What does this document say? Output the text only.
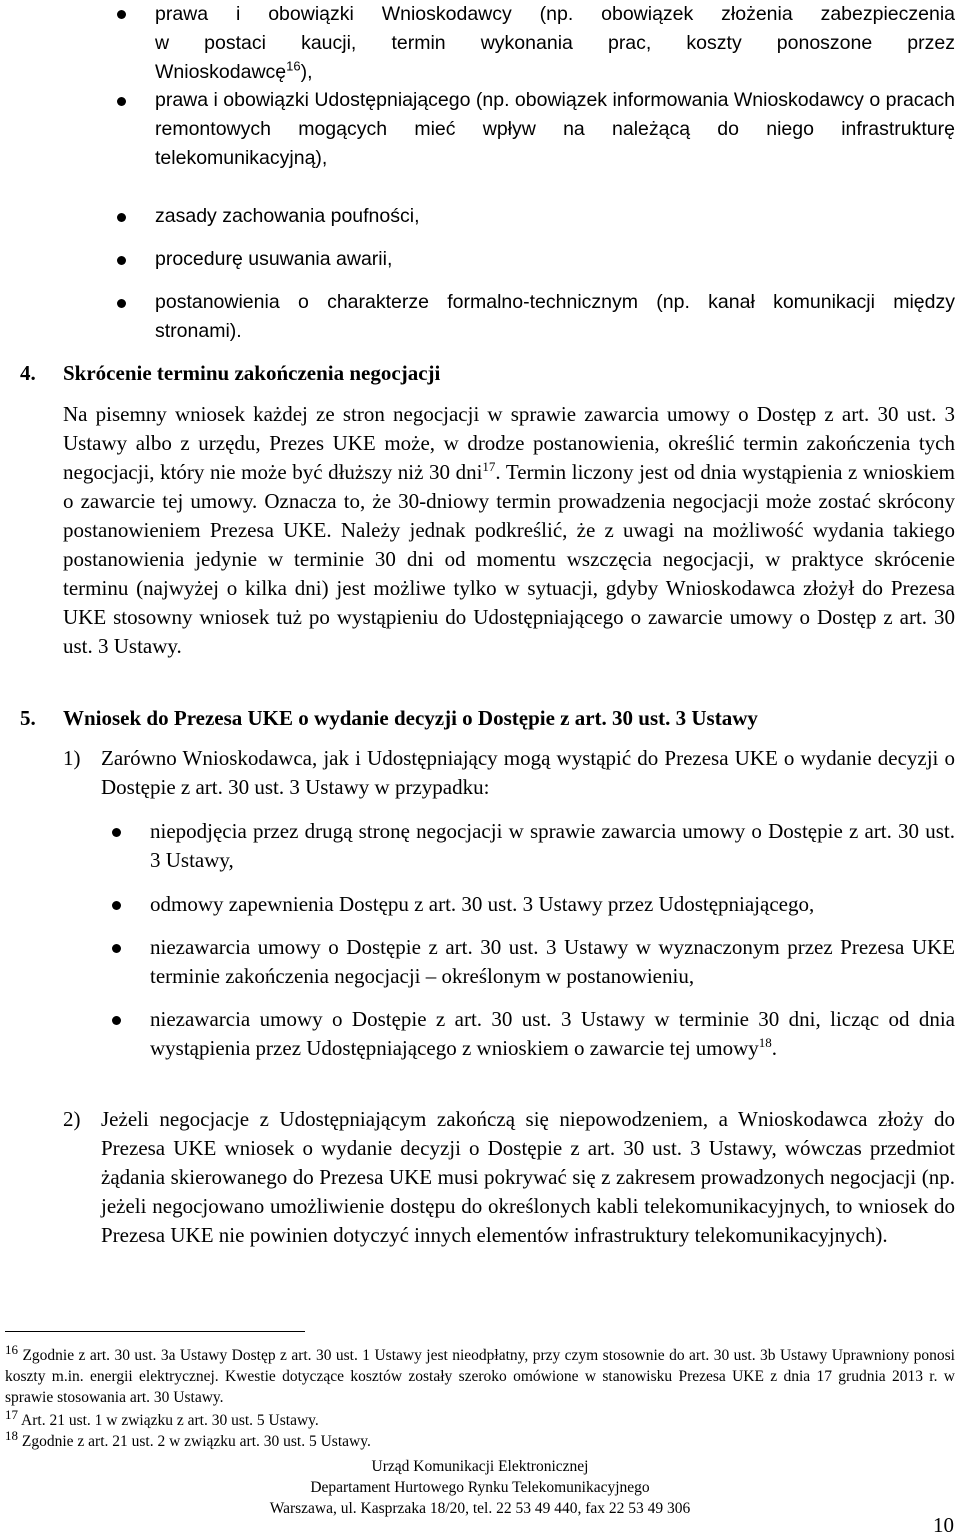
prawa i obowiązki Wnioskodawcy (np. obowiązek złożenia zabezpieczenia
w postaci kaucji, termin wykonania prac, koszty ponoszone przez
Wnioskodawcę$^{16}$),
prawa i obowiązki Udostępniającego (np. obowiązek informowania Wnioskodawcy o pracach remontowych mogących mieć wpływ na należącą do niego infrastrukturę telekomunikacyjną),
zasady zachowania poufności,
procedurę usuwania awarii,
postanowienia o charakterze formalno-technicznym (np. kanał komunikacji między stronami).
4. Skrócenie terminu zakończenia negocjacji
Na pisemny wniosek każdej ze stron negocjacji w sprawie zawarcia umowy o Dostęp z art. 30 ust. 3 Ustawy albo z urzędu, Prezes UKE może, w drodze postanowienia, określić termin zakończenia tych negocjacji, który nie może być dłuższy niż 30 dni$^{17}$. Termin liczony jest od dnia wystąpienia z wnioskiem o zawarcie tej umowy. Oznacza to, że 30-dniowy termin prowadzenia negocjacji może zostać skrócony postanowieniem Prezesa UKE. Należy jednak podkreślić, że z uwagi na możliwość wydania takiego postanowienia jedynie w terminie 30 dni od momentu wszczęcia negocjacji, w praktyce skrócenie terminu (najwyżej o kilka dni) jest możliwe tylko w sytuacji, gdyby Wnioskodawca złożył do Prezesa UKE stosowny wniosek tuż po wystąpieniu do Udostępniającego o zawarcie umowy o Dostęp z art. 30 ust. 3 Ustawy.
5. Wniosek do Prezesa UKE o wydanie decyzji o Dostępie z art. 30 ust. 3 Ustawy
1) Zarówno Wnioskodawca, jak i Udostępniający mogą wystąpić do Prezesa UKE o wydanie decyzji o Dostępie z art. 30 ust. 3 Ustawy w przypadku:
niepodjęcia przez drugą stronę negocjacji w sprawie zawarcia umowy o Dostępie z art. 30 ust. 3 Ustawy,
odmowy zapewnienia Dostępu z art. 30 ust. 3 Ustawy przez Udostępniającego,
niezawarcia umowy o Dostępie z art. 30 ust. 3 Ustawy w wyznaczonym przez Prezesa UKE terminie zakończenia negocjacji – określonym w postanowieniu,
niezawarcia umowy o Dostępie z art. 30 ust. 3 Ustawy w terminie 30 dni, licząc od dnia wystąpienia przez Udostępniającego z wnioskiem o zawarcie tej umowy$^{18}$.
2) Jeżeli negocjacje z Udostępniającym zakończą się niepowodzeniem, a Wnioskodawca złoży do Prezesa UKE wniosek o wydanie decyzji o Dostępie z art. 30 ust. 3 Ustawy, wówczas przedmiot żądania skierowanego do Prezesa UKE musi pokrywać się z zakresem prowadzonych negocjacji (np. jeżeli negocjowano umożliwienie dostępu do określonych kabli telekomunikacyjnych, to wniosek do Prezesa UKE nie powinien dotyczyć innych elementów infrastruktury telekomunikacyjnych).
$^{16}$ Zgodnie z art. 30 ust. 3a Ustawy Dostęp z art. 30 ust. 1 Ustawy jest nieodpłatny, przy czym stosownie do art. 30 ust. 3b Ustawy Uprawniony ponosi koszty m.in. energii elektrycznej. Kwestie dotyczące kosztów zostały szeroko omówione w stanowisku Prezesa UKE z dnia 17 grudnia 2013 r. w sprawie stosowania art. 30 Ustawy.
$^{17}$ Art. 21 ust. 1 w związku z art. 30 ust. 5 Ustawy.
$^{18}$ Zgodnie z art. 21 ust. 2 w związku art. 30 ust. 5 Ustawy.
Urząd Komunikacji Elektronicznej
Departament Hurtowego Rynku Telekomunikacyjnego
Warszawa, ul. Kasprzaka 18/20, tel. 22 53 49 440, fax 22 53 49 306
10
